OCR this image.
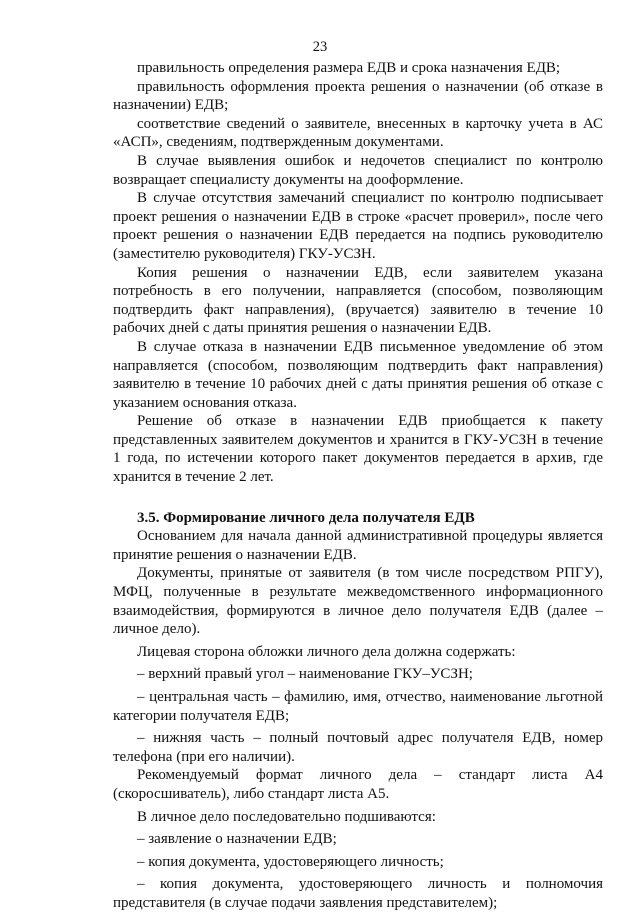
23

правильность определения размера ЕДВ и срока назначения ЕДВ;

правильность оформления проекта решения о назначении (об отказе в назначении) ЕДВ;

соответствие сведений о заявителе, внесенных в карточку учета в АС «АСП», сведениям, подтвержденным документами.

В случае выявления ошибок и недочетов специалист по контролю возвращает специалисту документы на дооформление.

В случае отсутствия замечаний специалист по контролю подписывает проект решения о назначении ЕДВ в строке «расчет проверил», после чего проект решения о назначении ЕДВ передается на подпись руководителю (заместителю руководителя) ГКУ-УСЗН.

Копия решения о назначении ЕДВ, если заявителем указана потребность в его получении, направляется (способом, позволяющим подтвердить факт направления), (вручается) заявителю в течение 10 рабочих дней с даты принятия решения о назначении ЕДВ.

В случае отказа в назначении ЕДВ письменное уведомление об этом направляется (способом, позволяющим подтвердить факт направления) заявителю в течение 10 рабочих дней с даты принятия решения об отказе с указанием основания отказа.

Решение об отказе в назначении ЕДВ приобщается к пакету представленных заявителем документов и хранится в ГКУ-УСЗН в течение 1 года, по истечении которого пакет документов передается в архив, где хранится в течение 2 лет.

3.5. Формирование личного дела получателя ЕДВ

Основанием для начала данной административной процедуры является принятие решения о назначении ЕДВ.

Документы, принятые от заявителя (в том числе посредством РПГУ), МФЦ, полученные в результате межведомственного информационного взаимодействия, формируются в личное дело получателя ЕДВ (далее – личное дело).

Лицевая сторона обложки личного дела должна содержать:

– верхний правый угол – наименование ГКУ–УСЗН;

– центральная часть – фамилию, имя, отчество, наименование льготной категории получателя ЕДВ;

– нижняя часть – полный почтовый адрес получателя ЕДВ, номер телефона (при его наличии).

Рекомендуемый формат личного дела – стандарт листа А4 (скоросшиватель), либо стандарт листа А5.

В личное дело последовательно подшиваются:

– заявление о назначении ЕДВ;

– копия документа, удостоверяющего личность;

– копия документа, удостоверяющего личность и полномочия представителя (в случае подачи заявления представителем);
